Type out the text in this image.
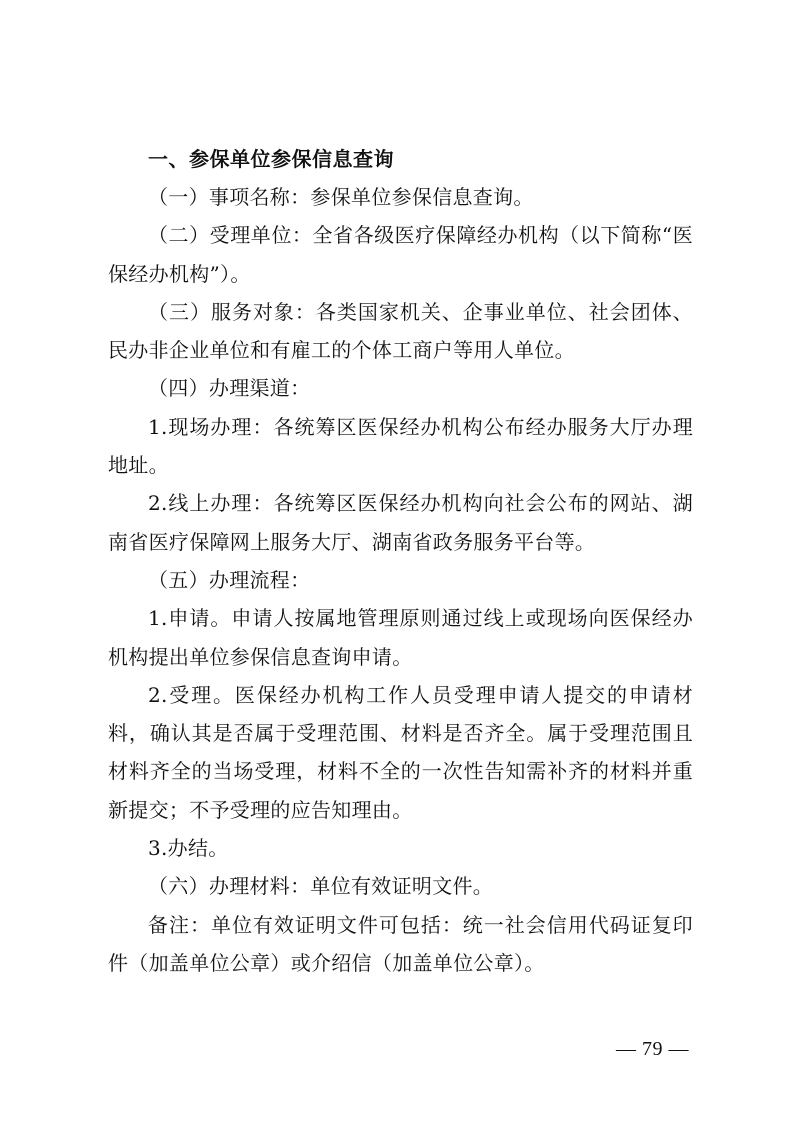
一、参保单位参保信息查询

（一）事项名称：参保单位参保信息查询。

（二）受理单位：全省各级医疗保障经办机构（以下简称“医保经办机构”）。

（三）服务对象：各类国家机关、企事业单位、社会团体、民办非企业单位和有雇工的个体工商户等用人单位。

（四）办理渠道：

1.现场办理：各统筹区医保经办机构公布经办服务大厅办理地址。

2.线上办理：各统筹区医保经办机构向社会公布的网站、湖南省医疗保障网上服务大厅、湖南省政务服务平台等。

（五）办理流程：

1.申请。申请人按属地管理原则通过线上或现场向医保经办机构提出单位参保信息查询申请。

2.受理。医保经办机构工作人员受理申请人提交的申请材料，确认其是否属于受理范围、材料是否齐全。属于受理范围且材料齐全的当场受理，材料不全的一次性告知需补齐的材料并重新提交；不予受理的应告知理由。

3.办结。

（六）办理材料：单位有效证明文件。

备注：单位有效证明文件可包括：统一社会信用代码证复印件（加盖单位公章）或介绍信（加盖单位公章）。

— 79 —
